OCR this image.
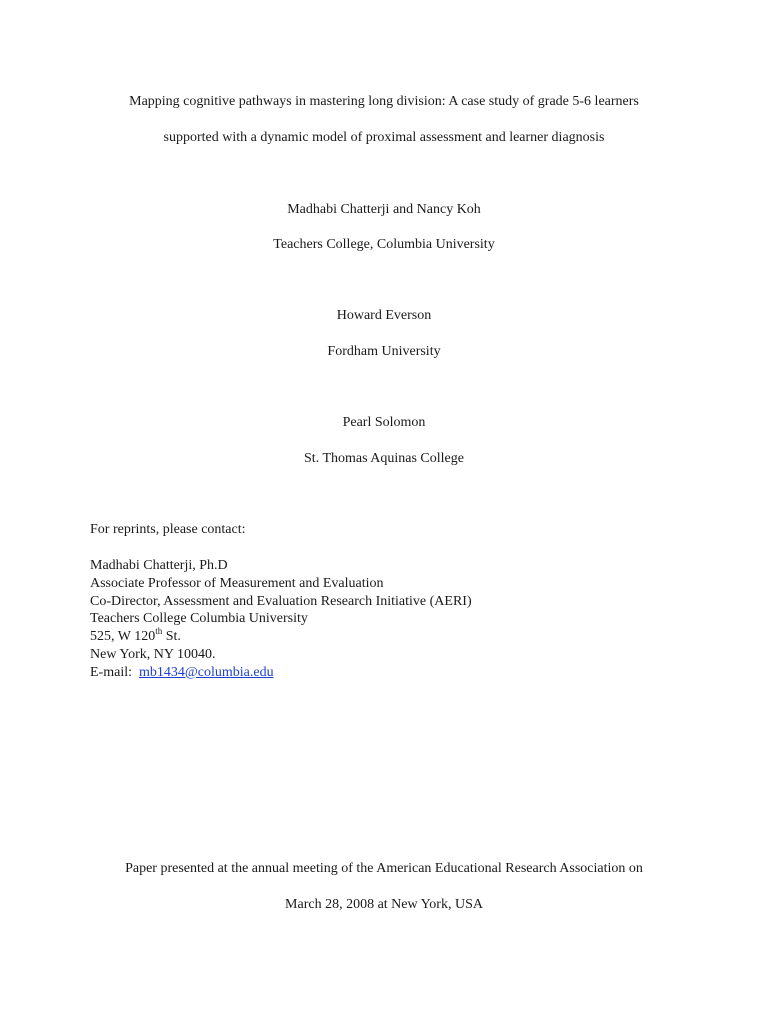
Mapping cognitive pathways in mastering long division: A case study of grade 5-6 learners
supported with a dynamic model of proximal assessment and learner diagnosis
Madhabi Chatterji and Nancy Koh
Teachers College, Columbia University
Howard Everson
Fordham University
Pearl Solomon
St. Thomas Aquinas College
For reprints, please contact:
Madhabi Chatterji, Ph.D
Associate Professor of Measurement and Evaluation
Co-Director, Assessment and Evaluation Research Initiative (AERI)
Teachers College Columbia University
525, W 120th St.
New York, NY 10040.
E-mail: mb1434@columbia.edu
Paper presented at the annual meeting of the American Educational Research Association on
March 28, 2008 at New York, USA
